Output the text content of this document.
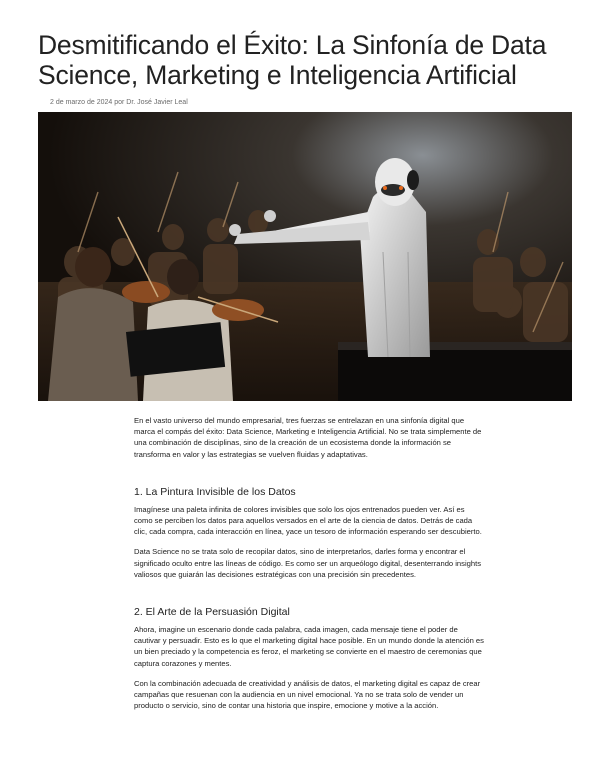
Desmitificando el Éxito: La Sinfonía de Data Science, Marketing e Inteligencia Artificial
2 de marzo de 2024 por Dr. José Javier Leal

En el vasto universo del mundo empresarial, tres fuerzas se entrelazan en una sinfonía digital que marca el compás del éxito: Data Science, Marketing e Inteligencia Artificial. No se trata simplemente de una combinación de disciplinas, sino de la creación de un ecosistema donde la información se transforma en valor y las estrategias se vuelven fluidas y adaptativas.

1. La Pintura Invisible de los Datos

Imagínese una paleta infinita de colores invisibles que solo los ojos entrenados pueden ver. Así es como se perciben los datos para aquellos versados en el arte de la ciencia de datos. Detrás de cada clic, cada compra, cada interacción en línea, yace un tesoro de información esperando ser descubierto.

Data Science no se trata solo de recopilar datos, sino de interpretarlos, darles forma y encontrar el significado oculto entre las líneas de código. Es como ser un arqueólogo digital, desenterrando insights valiosos que guiarán las decisiones estratégicas con una precisión sin precedentes.

2. El Arte de la Persuasión Digital

Ahora, imagine un escenario donde cada palabra, cada imagen, cada mensaje tiene el poder de cautivar y persuadir. Esto es lo que el marketing digital hace posible. En un mundo donde la atención es un bien preciado y la competencia es feroz, el marketing se convierte en el maestro de ceremonias que captura corazones y mentes.

Con la combinación adecuada de creatividad y análisis de datos, el marketing digital es capaz de crear campañas que resuenan con la audiencia en un nivel emocional. Ya no se trata solo de vender un producto o servicio, sino de contar una historia que inspire, emocione y motive a la acción.
